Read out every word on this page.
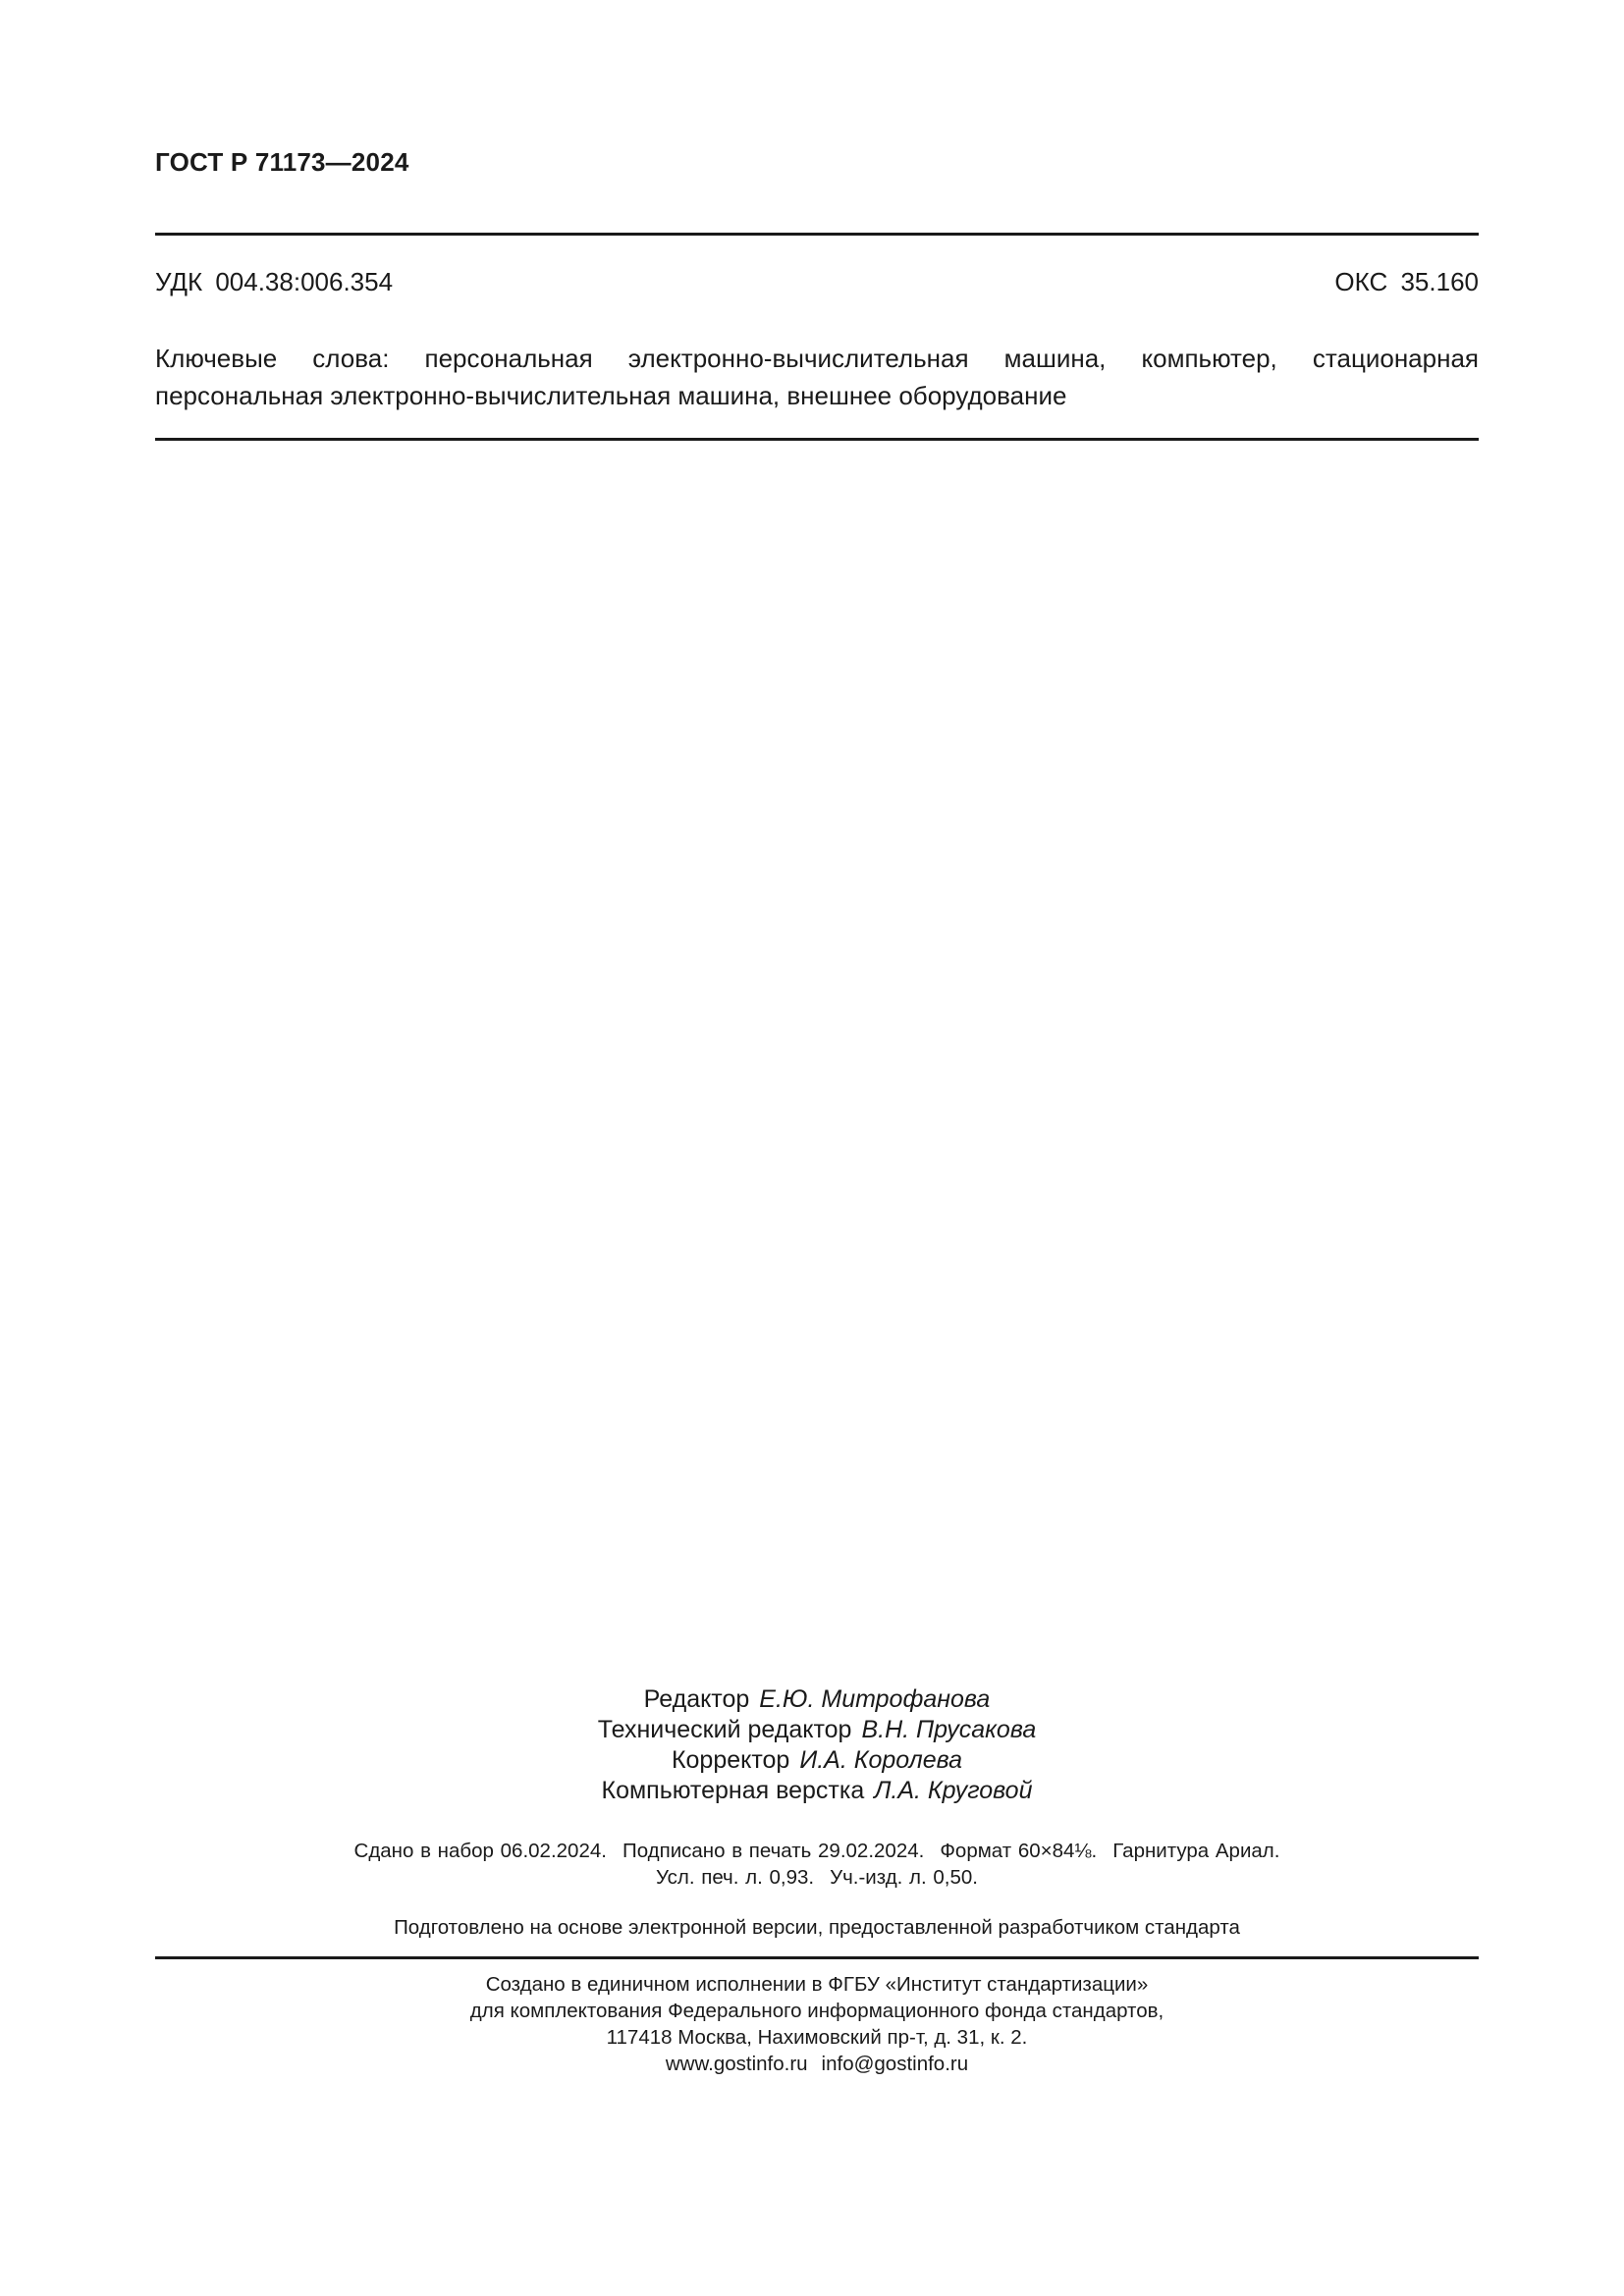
ГОСТ Р 71173—2024
УДК 004.38:006.354	ОКС 35.160
Ключевые слова: персональная электронно-вычислительная машина, компьютер, стационарная персональная электронно-вычислительная машина, внешнее оборудование
Редактор Е.Ю. Митрофанова
Технический редактор В.Н. Прусакова
Корректор И.А. Королева
Компьютерная верстка Л.А. Круговой
Сдано в набор 06.02.2024. Подписано в печать 29.02.2024. Формат 60×84⅛. Гарнитура Ариал.
Усл. печ. л. 0,93. Уч.-изд. л. 0,50.
Подготовлено на основе электронной версии, предоставленной разработчиком стандарта
Создано в единичном исполнении в ФГБУ «Институт стандартизации»
для комплектования Федерального информационного фонда стандартов,
117418 Москва, Нахимовский пр-т, д. 31, к. 2.
www.gostinfo.ru info@gostinfo.ru
